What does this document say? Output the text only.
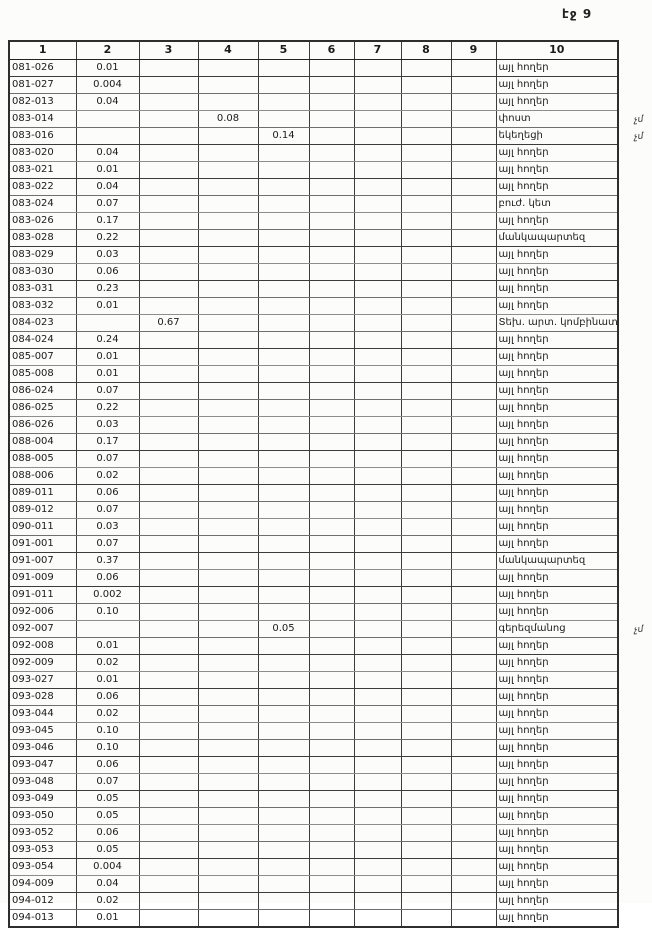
էջ 9
1	2	3	4	5	6	7	8	9	10
081-026	0.01								այլ հողեր
081-027	0.004								այլ հողեր
082-013	0.04								այլ հողեր
083-014			0.08						փոստ չմ

083-016				0.14					եկեղեցի չմ

083-020	0.04								այլ հողեր
083-021	0.01								այլ հողեր
083-022	0.04								այլ հողեր
083-024	0.07								բուժ. կետ
083-026	0.17								այլ հողեր
083-028	0.22								մանկապարտեզ
083-029	0.03								այլ հողեր
083-030	0.06								այլ հողեր
083-031	0.23								այլ հողեր
083-032	0.01								այլ հողեր
084-023		0.67							Տեխ. արտ. կոմբինատ
084-024	0.24								այլ հողեր
085-007	0.01								այլ հողեր
085-008	0.01								այլ հողեր
086-024	0.07								այլ հողեր
086-025	0.22								այլ հողեր
086-026	0.03								այլ հողեր
088-004	0.17								այլ հողեր
088-005	0.07								այլ հողեր
088-006	0.02								այլ հողեր
089-011	0.06								այլ հողեր
089-012	0.07								այլ հողեր
090-011	0.03								այլ հողեր
091-001	0.07								այլ հողեր
091-007	0.37								մանկապարտեզ
091-009	0.06								այլ հողեր
091-011	0.002								այլ հողեր
092-006	0.10								այլ հողեր
092-007				0.05					գերեզմանոց չմ

092-008	0.01								այլ հողեր
092-009	0.02								այլ հողեր
093-027	0.01								այլ հողեր
093-028	0.06								այլ հողեր
093-044	0.02								այլ հողեր
093-045	0.10								այլ հողեր
093-046	0.10								այլ հողեր
093-047	0.06								այլ հողեր
093-048	0.07								այլ հողեր
093-049	0.05								այլ հողեր
093-050	0.05								այլ հողեր
093-052	0.06								այլ հողեր
093-053	0.05								այլ հողեր
093-054	0.004								այլ հողեր
094-009	0.04								այլ հողեր
094-012	0.02								այլ հողեր
094-013	0.01								այլ հողեր
